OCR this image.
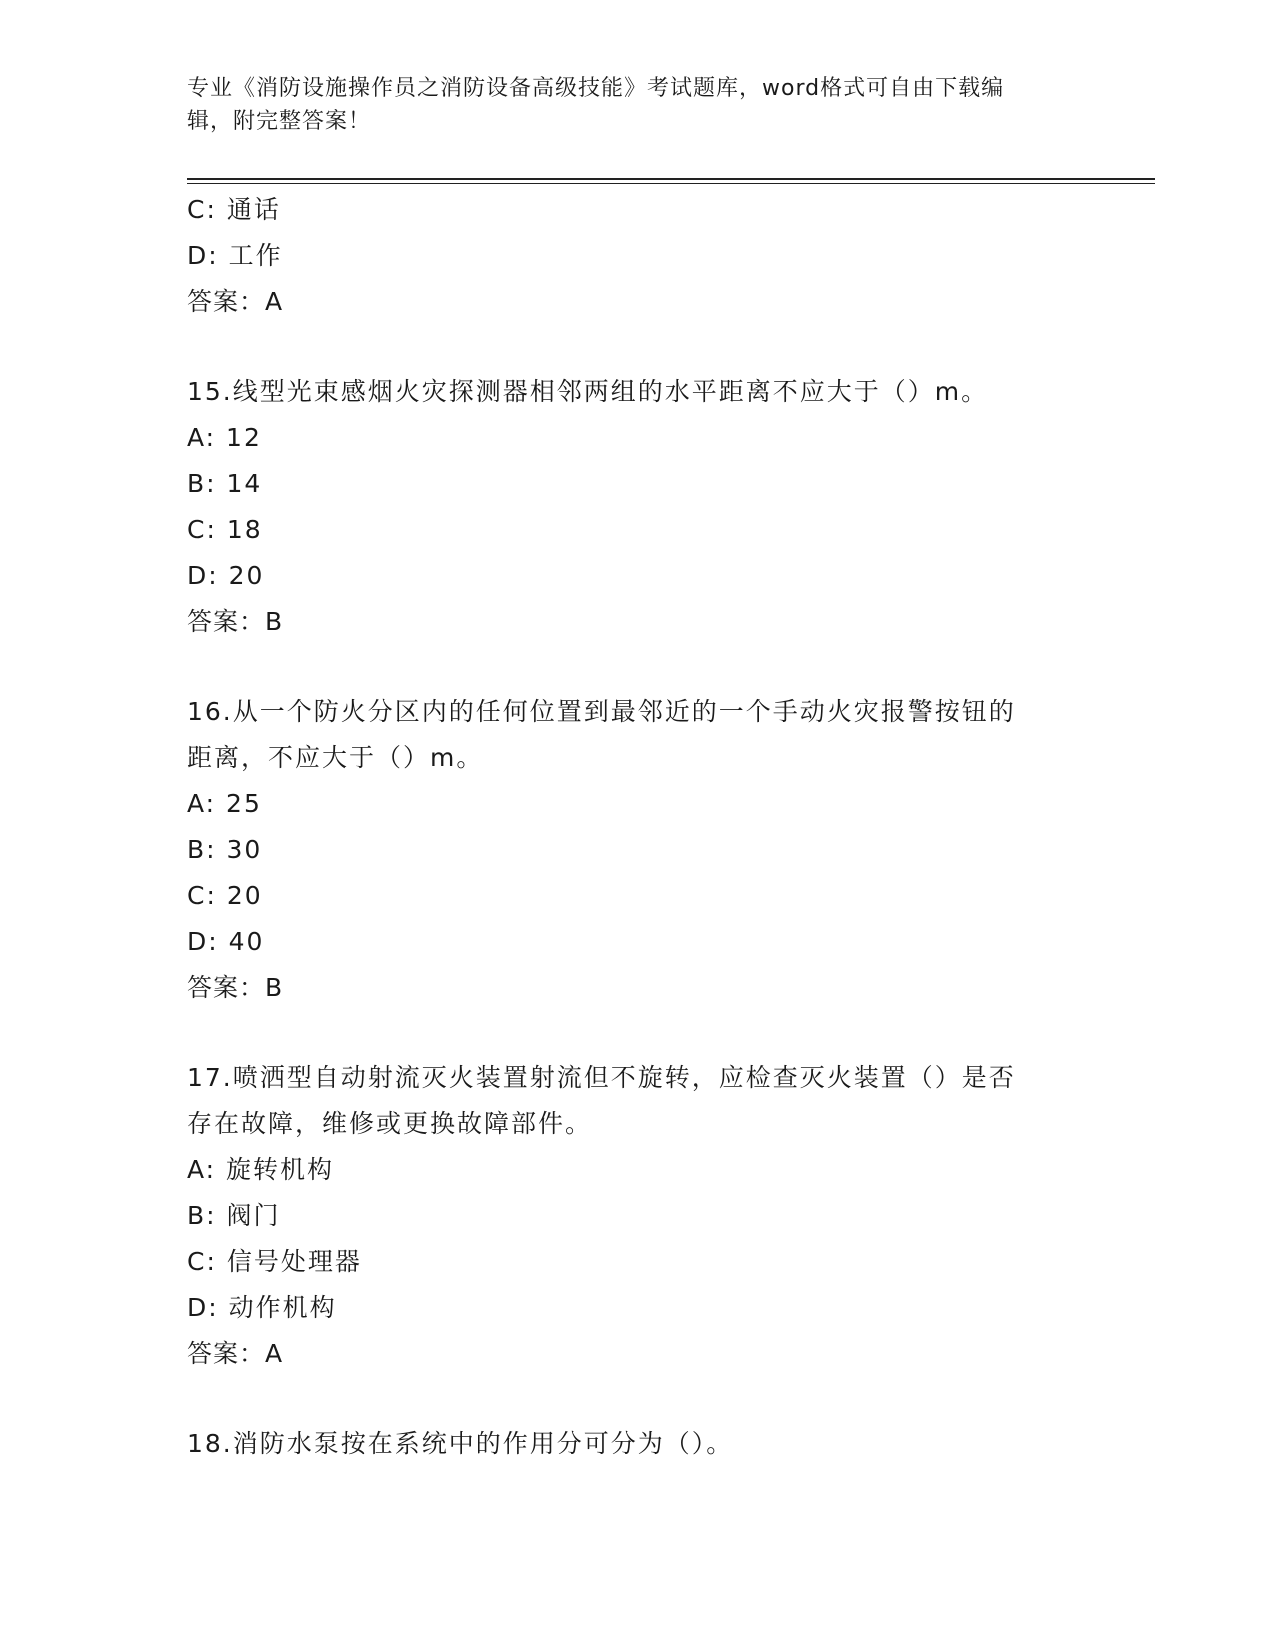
专业《消防设施操作员之消防设备高级技能》考试题库，word格式可自由下载编
辑，附完整答案！
C: 通话
D: 工作
答案：A
15.线型光束感烟火灾探测器相邻两组的水平距离不应大于（）m。
A: 12
B: 14
C: 18
D: 20
答案：B
16.从一个防火分区内的任何位置到最邻近的一个手动火灾报警按钮的
距离，不应大于（）m。
A: 25
B: 30
C: 20
D: 40
答案：B
17.喷洒型自动射流灭火装置射流但不旋转，应检查灭火装置（）是否
存在故障，维修或更换故障部件。
A: 旋转机构
B: 阀门
C: 信号处理器
D: 动作机构
答案：A
18.消防水泵按在系统中的作用分可分为（）。
